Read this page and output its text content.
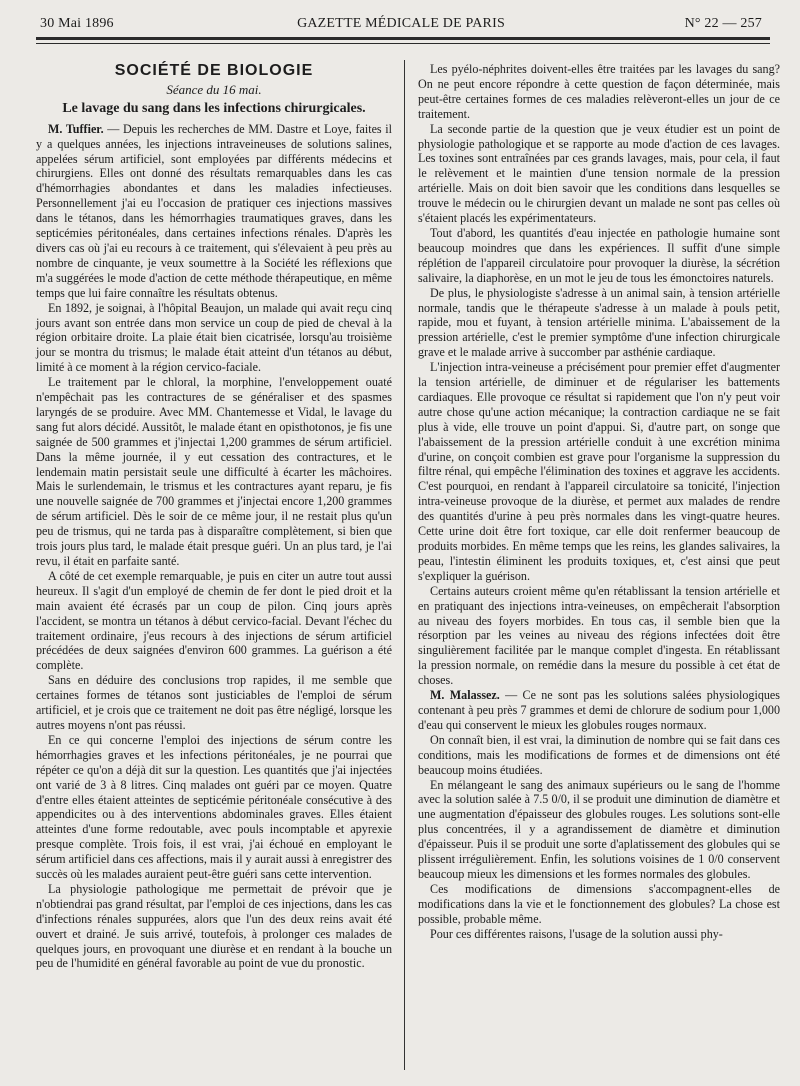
30 Mai 1896	GAZETTE MÉDICALE DE PARIS	N° 22 — 257
SOCIÉTÉ DE BIOLOGIE
Séance du 16 mai.
Le lavage du sang dans les infections chirurgicales.

M. Tuffier. — Depuis les recherches de MM. Dastre et Loye, faites il y a quelques années, les injections intraveineuses de solutions salines, appelées sérum artificiel, sont employées par différents médecins et chirurgiens. Elles ont donné des résultats remarquables dans les cas d'hémorrhagies abondantes et dans les maladies infectieuses. Personnellement j'ai eu l'occasion de pratiquer ces injections massives dans le tétanos, dans les hémorrhagies traumatiques graves, dans les septicémies péritonéales, dans certaines infections rénales. D'après les divers cas où j'ai eu recours à ce traitement, qui s'élevaient à peu près au nombre de cinquante, je veux soumettre à la Société les réflexions que m'a suggérées le mode d'action de cette méthode thérapeutique, en même temps que lui faire connaître les résultats obtenus.

En 1892, je soignai, à l'hôpital Beaujon, un malade qui avait reçu cinq jours avant son entrée dans mon service un coup de pied de cheval à la région orbitaire droite. La plaie était bien cicatrisée, lorsqu'au troisième jour se montra du trismus; le malade était atteint d'un tétanos au début, limité à ce moment à la région cervico-faciale.

Le traitement par le chloral, la morphine, l'enveloppement ouaté n'empêchait pas les contractures de se généraliser et des spasmes laryngés de se produire. Avec MM. Chantemesse et Vidal, le lavage du sang fut alors décidé. Aussitôt, le malade étant en opisthotonos, je fis une saignée de 500 grammes et j'injectai 1,200 grammes de sérum artificiel. Dans la même journée, il y eut cessation des contractures, et le lendemain matin persistait seule une difficulté à écarter les mâchoires. Mais le surlendemain, le trismus et les contractures ayant reparu, je fis une nouvelle saignée de 700 grammes et j'injectai encore 1,200 grammes de sérum artificiel. Dès le soir de ce même jour, il ne restait plus qu'un peu de trismus, qui ne tarda pas à disparaître complètement, si bien que trois jours plus tard, le malade était presque guéri. Un an plus tard, je l'ai revu, il était en parfaite santé.

A côté de cet exemple remarquable, je puis en citer un autre tout aussi heureux. Il s'agit d'un employé de chemin de fer dont le pied droit et la main avaient été écrasés par un coup de pilon. Cinq jours après l'accident, se montra un tétanos à début cervico-facial. Devant l'échec du traitement ordinaire, j'eus recours à des injections de sérum artificiel précédées de deux saignées d'environ 600 grammes. La guérison a été complète.

Sans en déduire des conclusions trop rapides, il me semble que certaines formes de tétanos sont justiciables de l'emploi de sérum artificiel, et je crois que ce traitement ne doit pas être négligé, lorsque les autres moyens n'ont pas réussi.

En ce qui concerne l'emploi des injections de sérum contre les hémorrhagies graves et les infections péritonéales, je ne pourrai que répéter ce qu'on a déjà dit sur la question. Les quantités que j'ai injectées ont varié de 3 à 8 litres. Cinq malades ont guéri par ce moyen. Quatre d'entre elles étaient atteintes de septicémie péritonéale consécutive à des appendicites ou à des interventions abdominales graves. Elles étaient atteintes d'une forme redoutable, avec pouls incomptable et apyrexie presque complète. Trois fois, il est vrai, j'ai échoué en employant le sérum artificiel dans ces affections, mais il y aurait aussi à enregistrer des succès où les malades auraient peut-être guéri sans cette intervention.

La physiologie pathologique me permettait de prévoir que je n'obtiendrai pas grand résultat, par l'emploi de ces injections, dans les cas d'infections rénales suppurées, alors que l'un des deux reins avait été ouvert et drainé. Je suis arrivé, toutefois, à prolonger ces malades de quelques jours, en provoquant une diurèse et en rendant à la bouche un peu de l'humidité en général favorable au point de vue du pronostic.

Les pyélo-néphrites doivent-elles être traitées par les lavages du sang? On ne peut encore répondre à cette question de façon déterminée, mais peut-être certaines formes de ces maladies relèveront-elles un jour de ce traitement.

La seconde partie de la question que je veux étudier est un point de physiologie pathologique et se rapporte au mode d'action de ces lavages. Les toxines sont entraînées par ces grands lavages, mais, pour cela, il faut le relèvement et le maintien d'une tension normale de la pression artérielle. Mais on doit bien savoir que les conditions dans lesquelles se trouve le médecin ou le chirurgien devant un malade ne sont pas celles où s'étaient placés les expérimentateurs.

Tout d'abord, les quantités d'eau injectée en pathologie humaine sont beaucoup moindres que dans les expériences. Il suffit d'une simple réplétion de l'appareil circulatoire pour provoquer la diurèse, la sécrétion salivaire, la diaphorèse, en un mot le jeu de tous les émonctoires naturels.

De plus, le physiologiste s'adresse à un animal sain, à tension artérielle normale, tandis que le thérapeute s'adresse à un malade à pouls petit, rapide, mou et fuyant, à tension artérielle minima. L'abaissement de la pression artérielle, c'est le premier symptôme d'une infection chirurgicale grave et le malade arrive à succomber par asthénie cardiaque.

L'injection intra-veineuse a précisément pour premier effet d'augmenter la tension artérielle, de diminuer et de régulariser les battements cardiaques. Elle provoque ce résultat si rapidement que l'on n'y peut voir autre chose qu'une action mécanique; la contraction cardiaque ne se fait plus à vide, elle trouve un point d'appui. Si, d'autre part, on songe que l'abaissement de la pression artérielle conduit à une excrétion minima d'urine, on conçoit combien est grave pour l'organisme la suppression du filtre rénal, qui empêche l'élimination des toxines et aggrave les accidents. C'est pourquoi, en rendant à l'appareil circulatoire sa tonicité, l'injection intra-veineuse provoque de la diurèse, et permet aux malades de rendre des quantités d'urine à peu près normales dans les vingt-quatre heures. Cette urine doit être fort toxique, car elle doit renfermer beaucoup de produits morbides. En même temps que les reins, les glandes salivaires, la peau, l'intestin éliminent les produits toxiques, et, c'est ainsi que peut s'expliquer la guérison.

Certains auteurs croient même qu'en rétablissant la tension artérielle et en pratiquant des injections intra-veineuses, on empêcherait l'absorption au niveau des foyers morbides. En tous cas, il semble bien que la résorption par les veines au niveau des régions infectées doit être singulièrement facilitée par le manque complet d'ingesta. En rétablissant la pression normale, on remédie dans la mesure du possible à cet état de choses.

M. Malassez. — Ce ne sont pas les solutions salées physiologiques contenant à peu près 7 grammes et demi de chlorure de sodium pour 1,000 d'eau qui conservent le mieux les globules rouges normaux.

On connaît bien, il est vrai, la diminution de nombre qui se fait dans ces conditions, mais les modifications de formes et de dimensions ont été beaucoup moins étudiées.

En mélangeant le sang des animaux supérieurs ou le sang de l'homme avec la solution salée à 7.5 0/0, il se produit une diminution de diamètre et une augmentation d'épaisseur des globules rouges. Les solutions sont-elle plus concentrées, il y a agrandissement de diamètre et diminution d'épaisseur. Puis il se produit une sorte d'aplatissement des globules qui se plissent irrégulièrement. Enfin, les solutions voisines de 1 0/0 conservent beaucoup mieux les dimensions et les formes normales des globules.

Ces modifications de dimensions s'accompagnent-elles de modifications dans la vie et le fonctionnement des globules? La chose est possible, probable même.

Pour ces différentes raisons, l'usage de la solution aussi phy-
